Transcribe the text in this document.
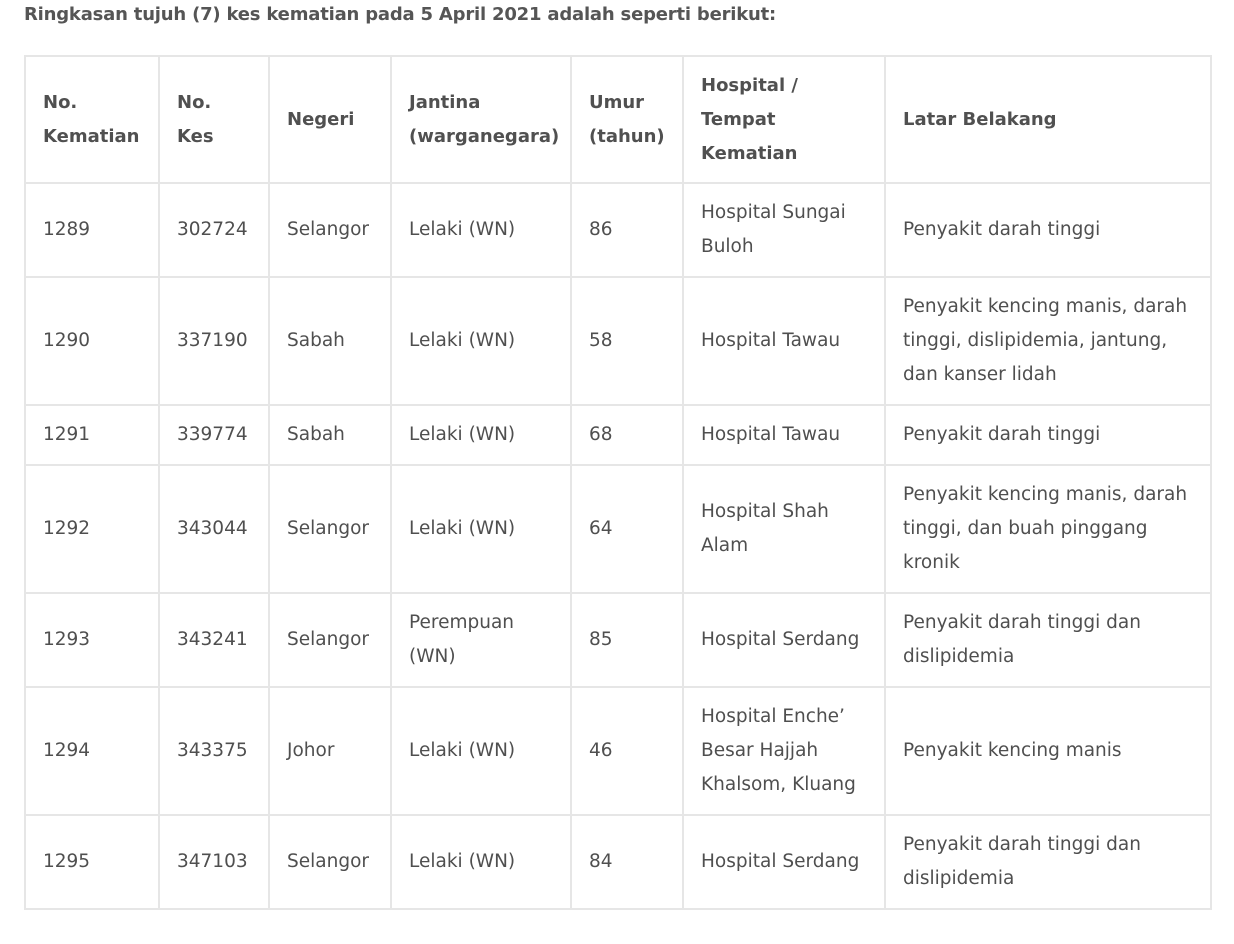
Ringkasan tujuh (7) kes kematian pada 5 April 2021 adalah seperti berikut:

No. Kematian	No. Kes	Negeri	Jantina (warganegara)	Umur (tahun)	Hospital / Tempat Kematian	Latar Belakang
1289	302724	Selangor	Lelaki (WN)	86	Hospital Sungai Buloh	Penyakit darah tinggi
1290	337190	Sabah	Lelaki (WN)	58	Hospital Tawau	Penyakit kencing manis, darah tinggi, dislipidemia, jantung, dan kanser lidah
1291	339774	Sabah	Lelaki (WN)	68	Hospital Tawau	Penyakit darah tinggi
1292	343044	Selangor	Lelaki (WN)	64	Hospital Shah Alam	Penyakit kencing manis, darah tinggi, dan buah pinggang kronik
1293	343241	Selangor	Perempuan (WN)	85	Hospital Serdang	Penyakit darah tinggi dan dislipidemia
1294	343375	Johor	Lelaki (WN)	46	Hospital Enche’ Besar Hajjah Khalsom, Kluang	Penyakit kencing manis
1295	347103	Selangor	Lelaki (WN)	84	Hospital Serdang	Penyakit darah tinggi dan dislipidemia
